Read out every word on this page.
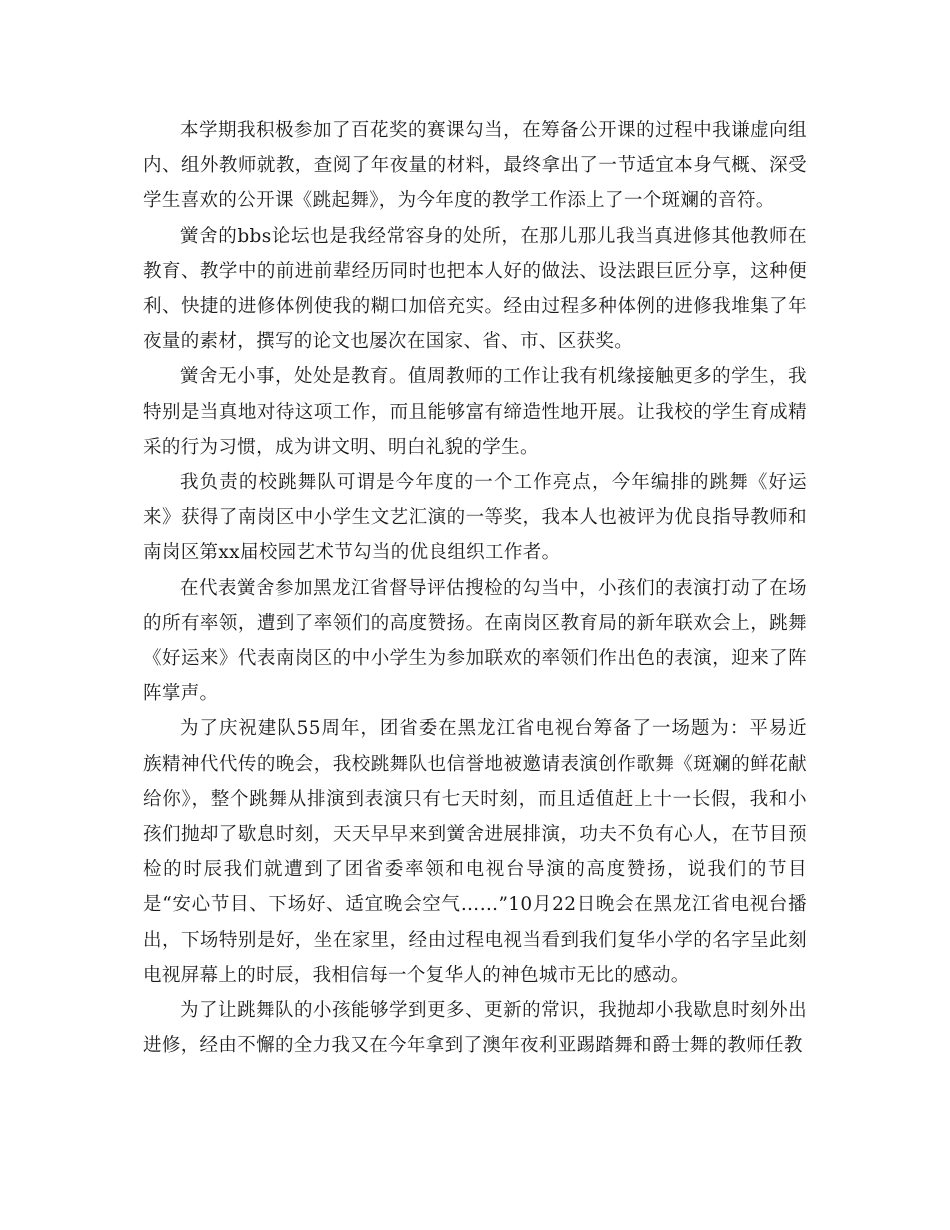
本学期我积极参加了百花奖的赛课勾当，在筹备公开课的过程中我谦虚向组内、组外教师就教，查阅了年夜量的材料，最终拿出了一节适宜本身气概、深受学生喜欢的公开课《跳起舞》，为今年度的教学工作添上了一个斑斓的音符。

黉舍的bbs论坛也是我经常容身的处所，在那儿那儿我当真进修其他教师在教育、教学中的前进前辈经历同时也把本人好的做法、设法跟巨匠分享，这种便利、快捷的进修体例使我的糊口加倍充实。经由过程多种体例的进修我堆集了年夜量的素材，撰写的论文也屡次在国家、省、市、区获奖。

黉舍无小事，处处是教育。值周教师的工作让我有机缘接触更多的学生，我特别是当真地对待这项工作，而且能够富有缔造性地开展。让我校的学生育成精采的行为习惯，成为讲文明、明白礼貌的学生。

我负责的校跳舞队可谓是今年度的一个工作亮点，今年编排的跳舞《好运来》获得了南岗区中小学生文艺汇演的一等奖，我本人也被评为优良指导教师和南岗区第xx届校园艺术节勾当的优良组织工作者。

在代表黉舍参加黑龙江省督导评估搜检的勾当中，小孩们的表演打动了在场的所有率领，遭到了率领们的高度赞扬。在南岗区教育局的新年联欢会上，跳舞《好运来》代表南岗区的中小学生为参加联欢的率领们作出色的表演，迎来了阵阵掌声。

为了庆祝建队55周年，团省委在黑龙江省电视台筹备了一场题为：平易近族精神代代传的晚会，我校跳舞队也信誉地被邀请表演创作歌舞《斑斓的鲜花献给你》，整个跳舞从排演到表演只有七天时刻，而且适值赶上十一长假，我和小孩们抛却了歇息时刻，天天早早来到黉舍进展排演，功夫不负有心人，在节目预检的时辰我们就遭到了团省委率领和电视台导演的高度赞扬，说我们的节目是“安心节目、下场好、适宜晚会空气……”10月22日晚会在黑龙江省电视台播出，下场特别是好，坐在家里，经由过程电视当看到我们复华小学的名字呈此刻电视屏幕上的时辰，我相信每一个复华人的神色城市无比的感动。

为了让跳舞队的小孩能够学到更多、更新的常识，我抛却小我歇息时刻外出进修，经由不懈的全力我又在今年拿到了澳年夜利亚踢踏舞和爵士舞的教师任教
